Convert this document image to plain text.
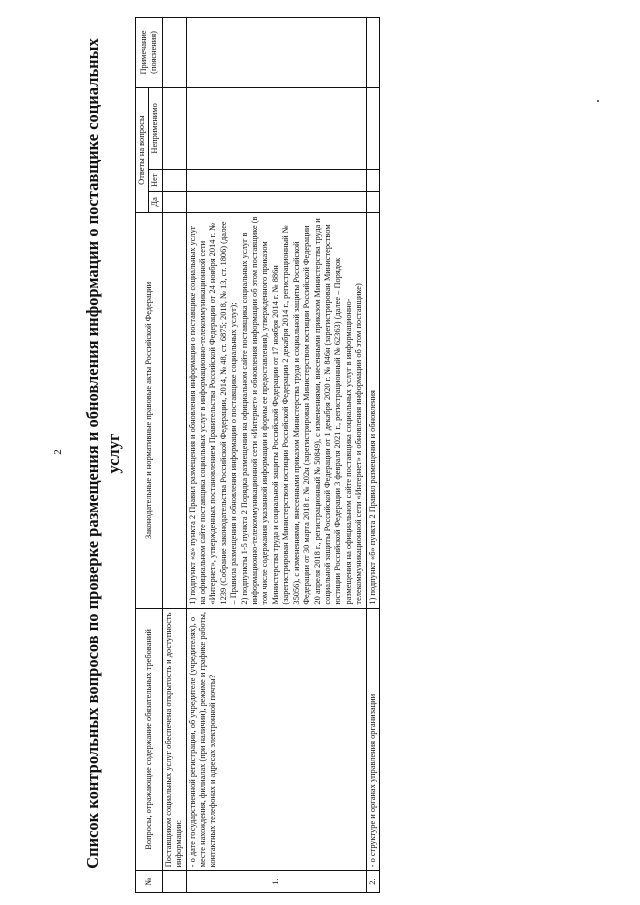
2 Список контрольных вопросов по проверке размещения и обновления информации о поставщике социальных услуг
№	Вопросы, отражающие содержание обязательных требований	Законодательные и нормативные правовые акты Российской Федерации	Ответы на вопросы			Примечание (пояснения)
			Да	Нет	Неприменимо	
	Поставщиком социальных услуг обеспечена открытость и доступность информации:					
1.	- о дате государственной регистрации, об учредителе (учредителях), о месте нахождения, филиалах (при наличии), режиме и графике работы, контактных телефонах и адресах электронной почты?	1) подпункт «а» пункта 2 Правил размещения и обновления информации о поставщике социальных услуг на официальном сайте поставщика социальных услуг в информационно-телекоммуникационной сети «Интернет», утвержденных постановлением Правительства Российской Федерации от 24 ноября 2014 г. № 1239 (Собрание законодательства Российской Федерации, 2014, № 48, ст. 6875; 2018, № 13, ст. 1806) (далее – Правила размещения и обновления информации о поставщике социальных услуг); 2) подпункты 1-5 пункта 2 Порядка размещения на официальном сайте поставщика социальных услуг в информационно-телекоммуникационной сети «Интернет» и обновления информации об этом поставщике (в том числе содержания указанной информации и формы ее предоставления), утвержденного приказом Министерства труда и социальной защиты Российской Федерации от 17 ноября 2014 г. № 886н (зарегистрирован Министерством юстиции Российской Федерации 2 декабря 2014 г., регистрационный № 35056), с изменениями, внесенными приказом Министерства труда и социальной защиты Российской Федерации от 30 марта 2018 г. № 202н (зарегистрирован Министерством юстиции Российской Федерации 20 апреля 2018 г., регистрационный № 50849), с изменениями, внесенными приказом Министерства труда и социальной защиты Российской Федерации от 1 декабря 2020 г. № 846н (зарегистрирован Министерством юстиции Российской Федерации 3 февраля 2021 г., регистрационный № 62363) (далее – Порядок размещения на официальном сайте поставщика социальных услуг в информационно-телекоммуникационной сети «Интернет» и обновления информации об этом поставщике)				

2.	- о структуре и органах управления организации	1) подпункт «б» пункта 2 Правил размещения и обновления				
